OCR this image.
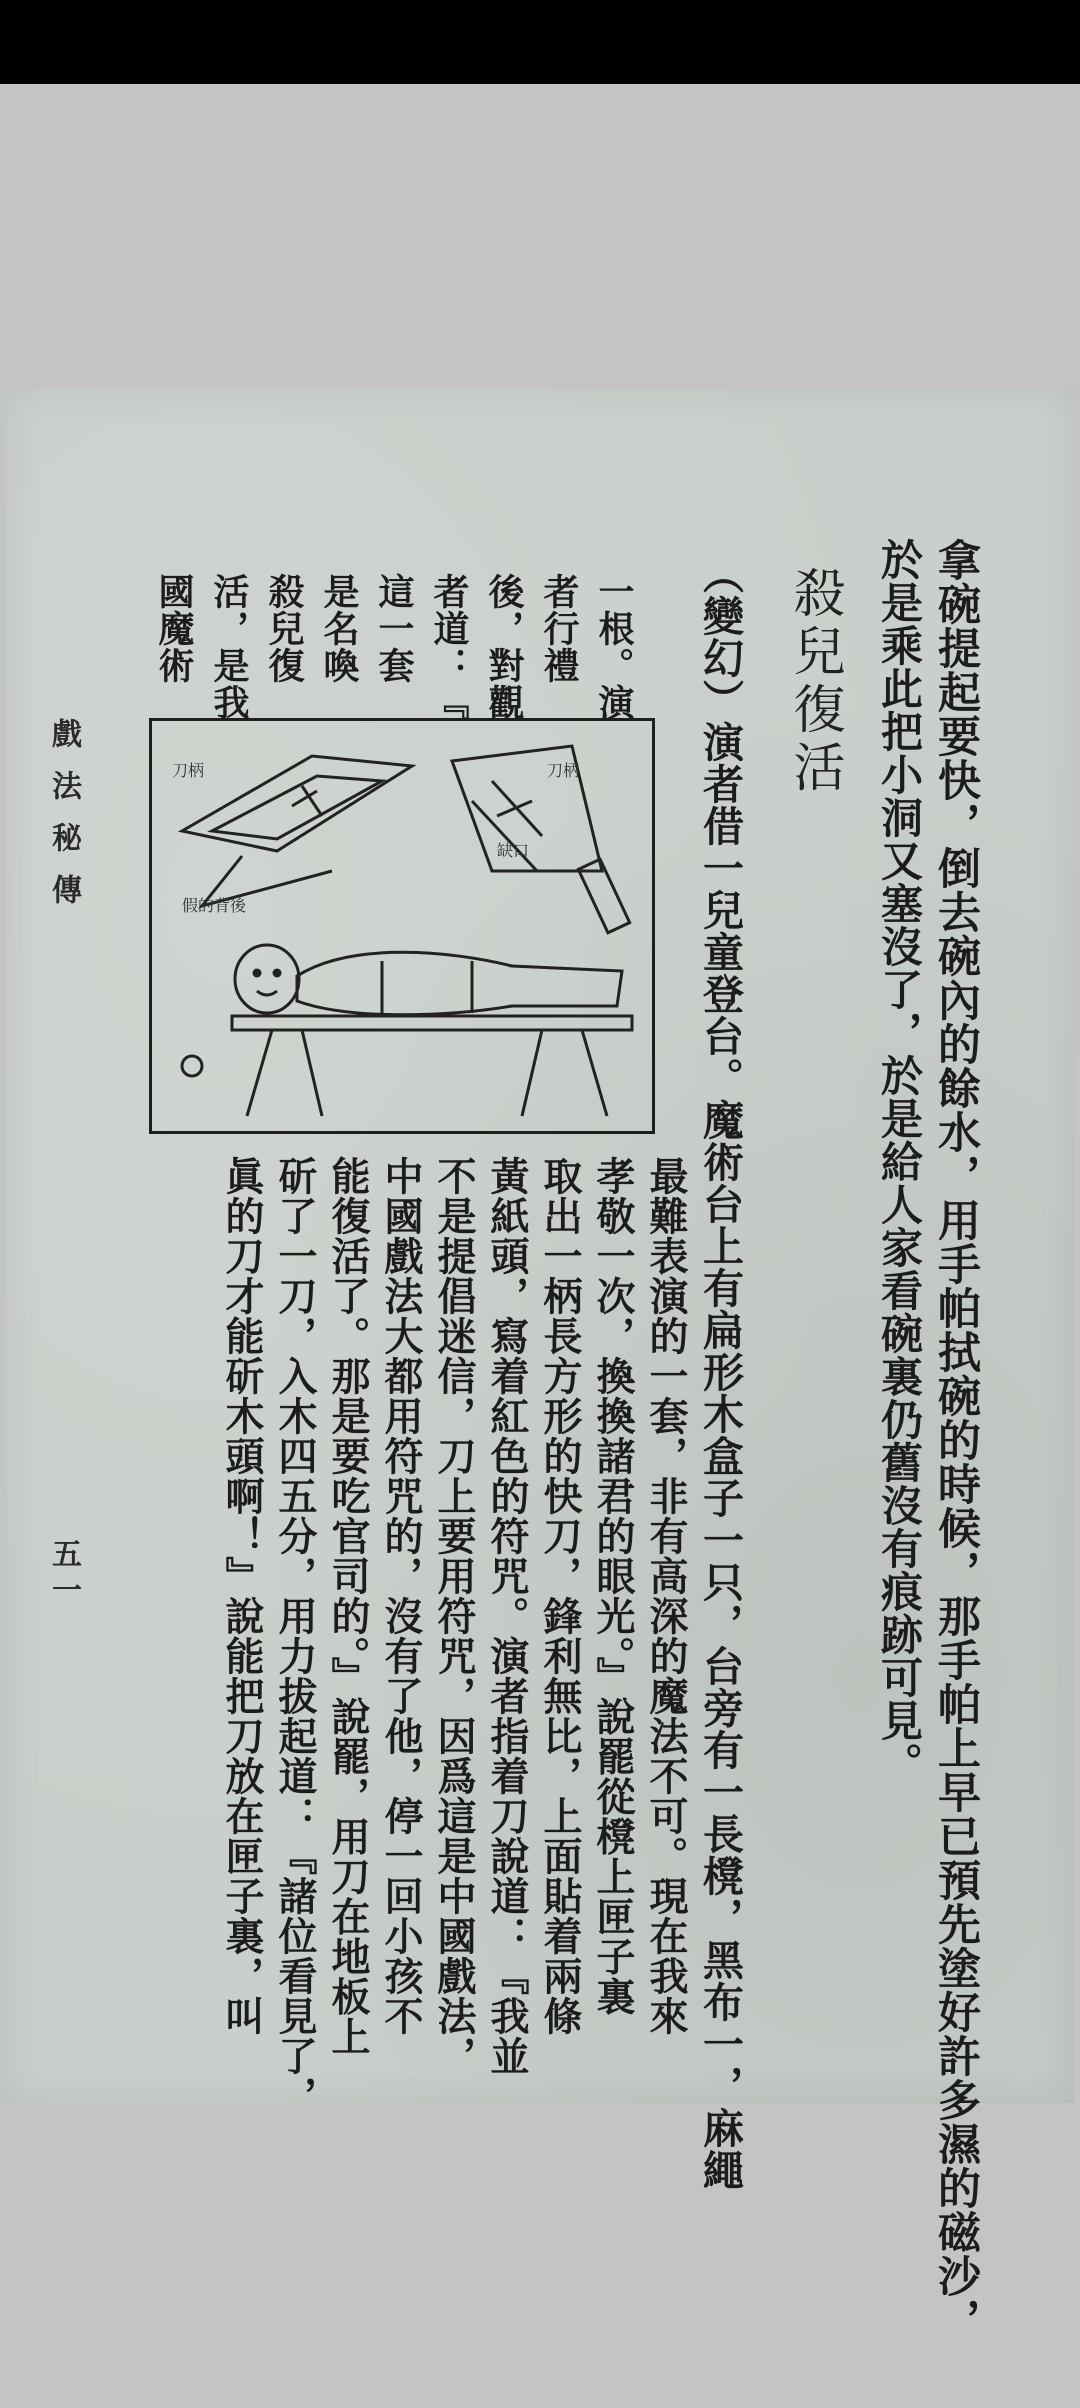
拿碗提起要快，倒去碗內的餘水，用手帕拭碗的時候，那手帕上早已預先塗好許多濕的磁沙，
於是乘此把小洞又塞沒了，於是給人家看碗裏仍舊沒有痕跡可見。
殺兒復活
（變幻）演者借一兒童登台。魔術台上有扁形木盒子一只，台旁有一長櫈，黑布一，麻繩
最難表演的一套，非有高深的魔法不可。現在我來
孝敬一次，換換諸君的眼光。』說罷從櫈上匣子裏
取出一柄長方形的快刀，鋒利無比，上面貼着兩條
黃紙頭，寫着紅色的符咒。演者指着刀說道：『我並
不是提倡迷信，刀上要用符咒，因爲這是中國戲法，
中國戲法大都用符咒的，沒有了他，停一回小孩不
能復活了。那是要吃官司的。』說罷，用刀在地板上
斫了一刀，入木四五分，用力拔起道：『諸位看見了，
眞的刀才能斫木頭啊！』說能把刀放在匣子裏，叫
一根。演
者行禮
後，對觀
者道：『
這一套
是名喚
殺兒復
活，是我
國魔術
刀柄
缺口
刀柄
假的背後
戲法秘傳
五一
